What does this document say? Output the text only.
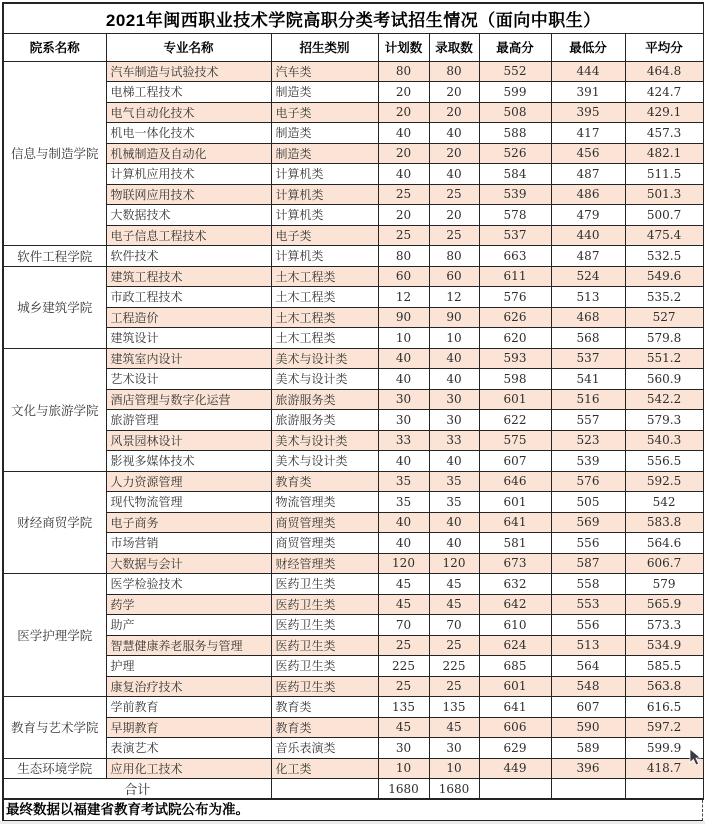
2021年闽西职业技术学院高职分类考试招生情况（面向中职生）							
院系名称	专业名称	招生类别	计划数	录取数	最高分	最低分	平均分
信息与制造学院	汽车制造与试验技术	汽车类	80	80	552	444	464.8
	电梯工程技术	制造类	20	20	599	391	424.7
	电气自动化技术	电子类	20	20	508	395	429.1
	机电一体化技术	制造类	40	40	588	417	457.3
	机械制造及自动化	制造类	20	20	526	456	482.1
	计算机应用技术	计算机类	40	40	584	487	511.5
	物联网应用技术	计算机类	25	25	539	486	501.3
	大数据技术	计算机类	20	20	578	479	500.7
	电子信息工程技术	电子类	25	25	537	440	475.4
软件工程学院	软件技术	计算机类	80	80	663	487	532.5
城乡建筑学院	建筑工程技术	土木工程类	60	60	611	524	549.6
	市政工程技术	土木工程类	12	12	576	513	535.2
	工程造价	土木工程类	90	90	626	468	527
	建筑设计	土木工程类	10	10	620	568	579.8
文化与旅游学院	建筑室内设计	美术与设计类	40	40	593	537	551.2
	艺术设计	美术与设计类	40	40	598	541	560.9
	酒店管理与数字化运营	旅游服务类	30	30	601	516	542.2
	旅游管理	旅游服务类	30	30	622	557	579.3
	风景园林设计	美术与设计类	33	33	575	523	540.3
	影视多媒体技术	美术与设计类	40	40	607	539	556.5
财经商贸学院	人力资源管理	教育类	35	35	646	576	592.5
	现代物流管理	物流管理类	35	35	601	505	542
	电子商务	商贸管理类	40	40	641	569	583.8
	市场营销	商贸管理类	40	40	581	556	564.6
	大数据与会计	财经管理类	120	120	673	587	606.7
医学护理学院	医学检验技术	医药卫生类	45	45	632	558	579
	药学	医药卫生类	45	45	642	553	565.9
	助产	医药卫生类	70	70	610	556	573.3
	智慧健康养老服务与管理	医药卫生类	25	25	624	513	534.9
	护理	医药卫生类	225	225	685	564	585.5
	康复治疗技术	医药卫生类	25	25	601	548	563.8
教育与艺术学院	学前教育	教育类	135	135	641	607	616.5
	早期教育	教育类	45	45	606	590	597.2
	表演艺术	音乐表演类	30	30	629	589	599.9
生态环境学院	应用化工技术	化工类	10	10	449	396	418.7
合计			1680	1680			
最终数据以福建省教育考试院公布为准。
